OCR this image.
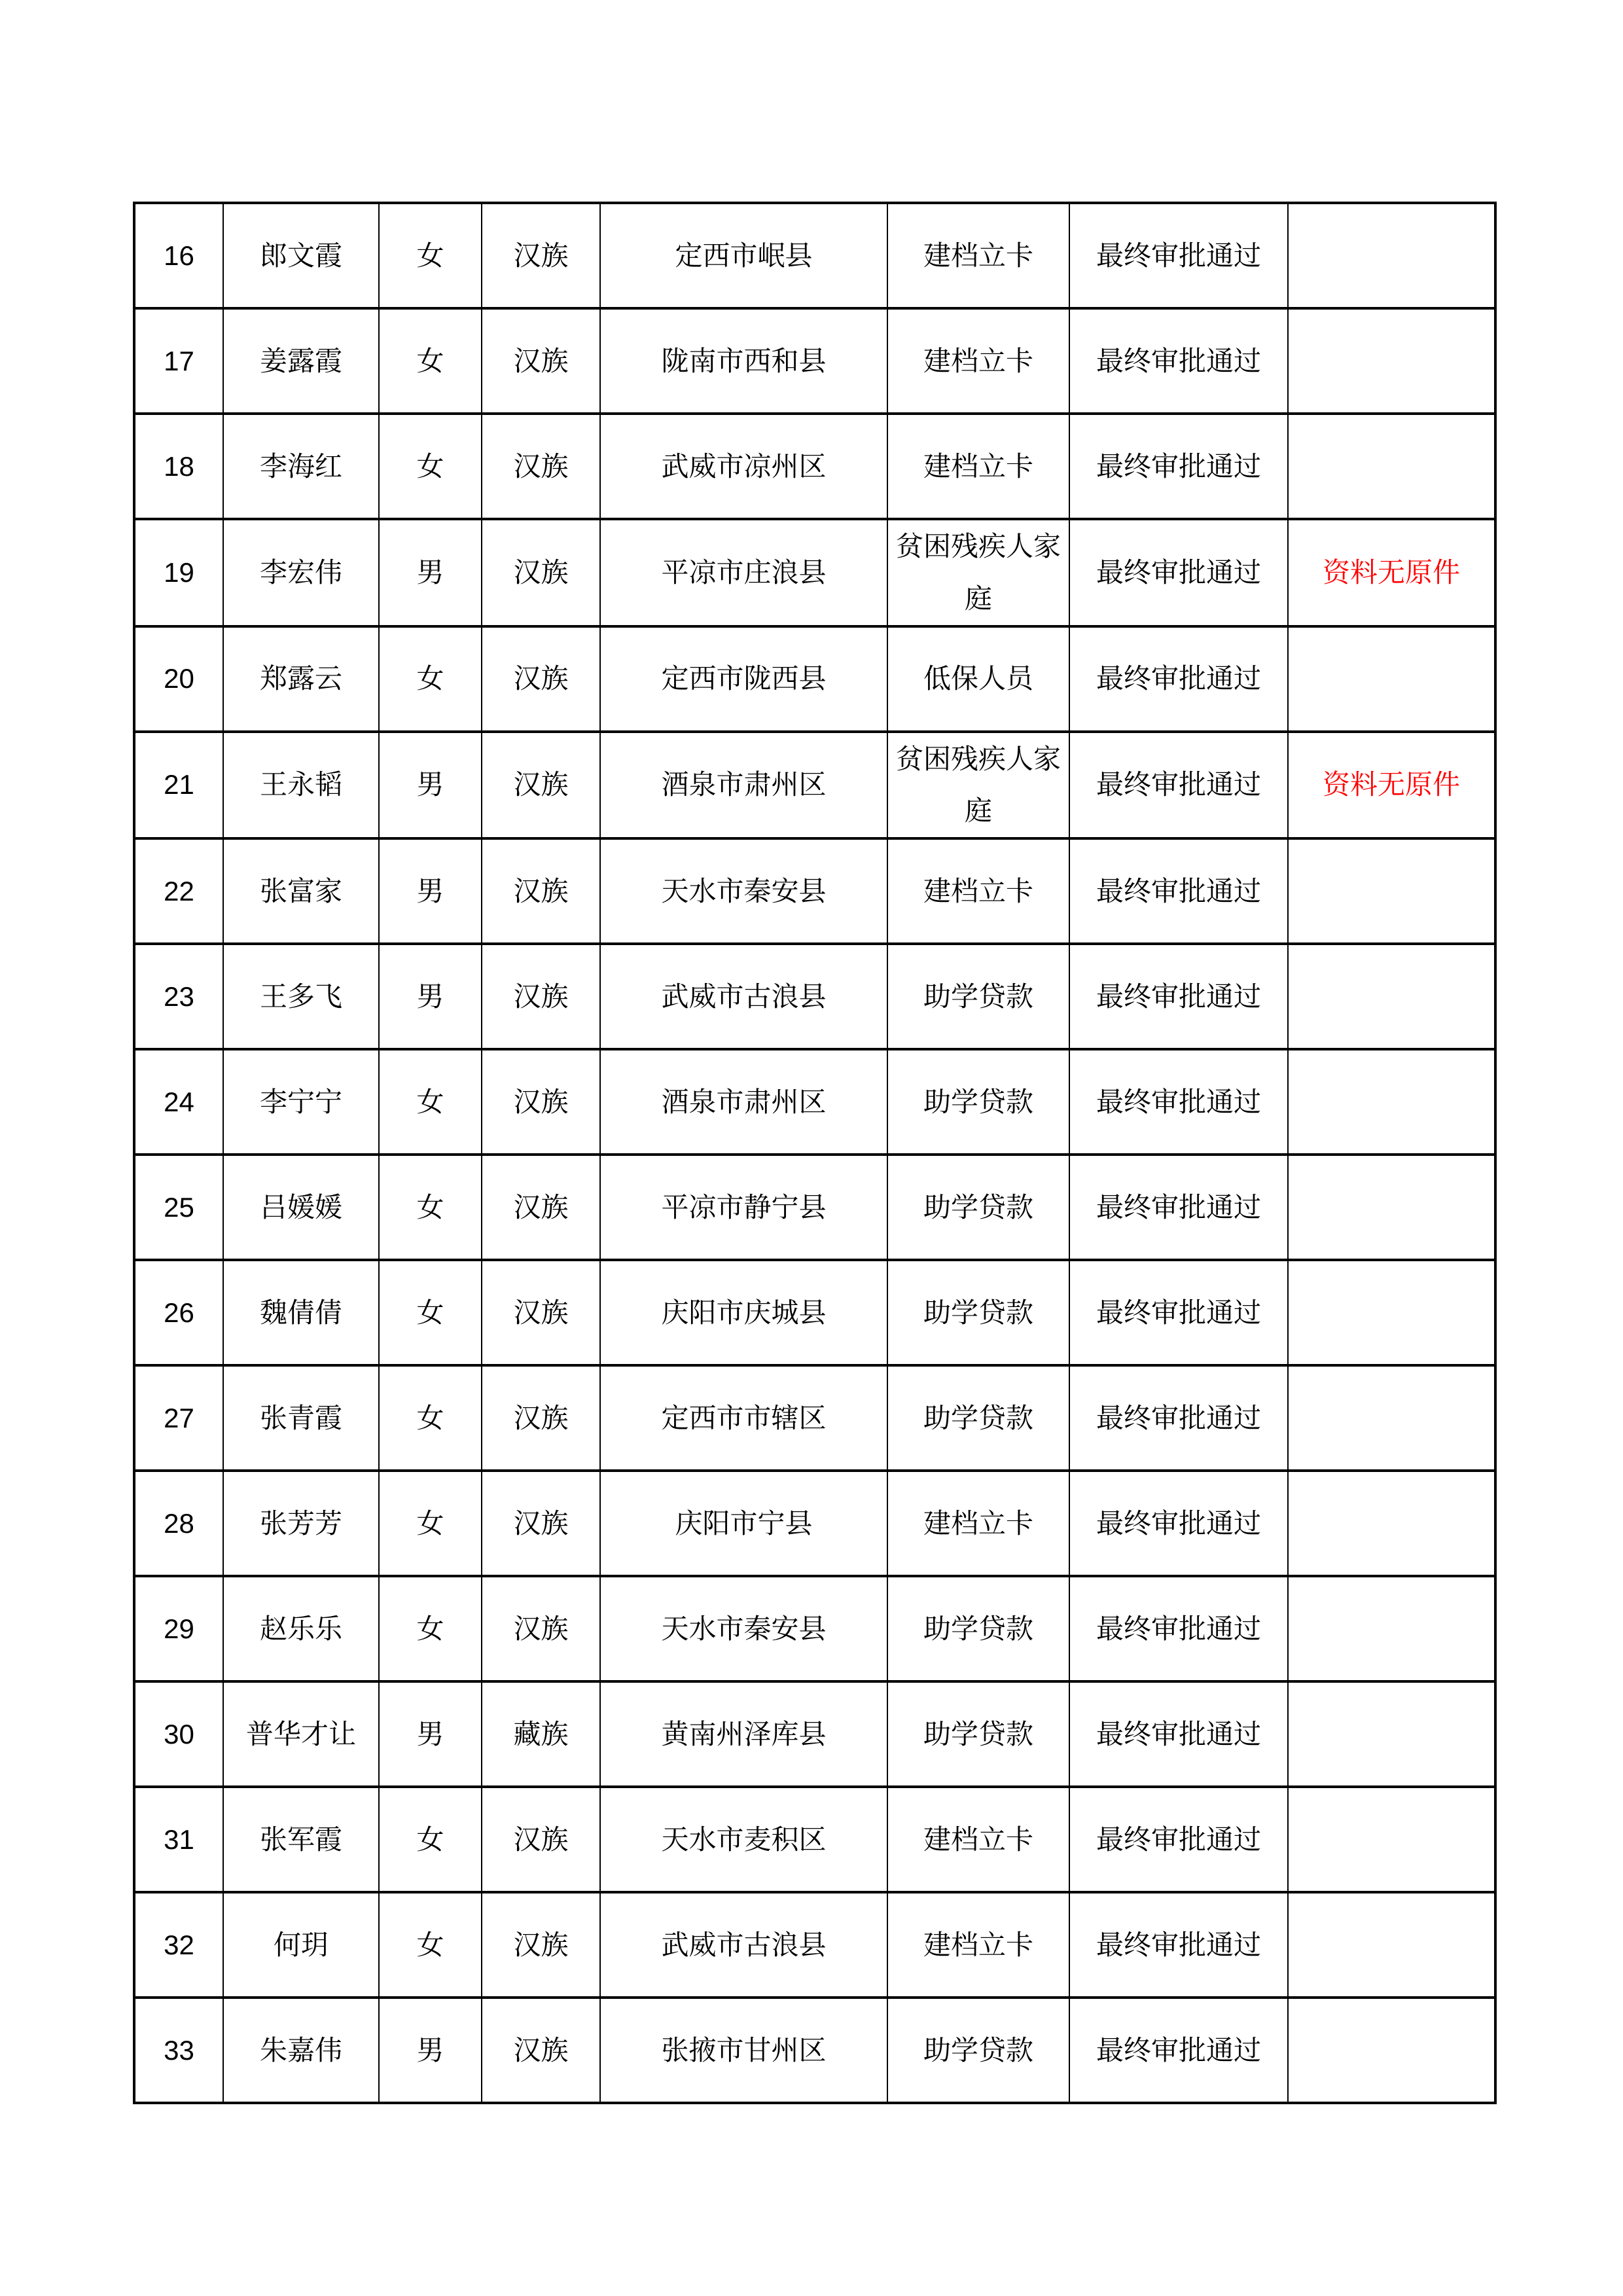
16	郎文霞	女	汉族	定西市岷县	建档立卡	最终审批通过	
17	姜露霞	女	汉族	陇南市西和县	建档立卡	最终审批通过	
18	李海红	女	汉族	武威市凉州区	建档立卡	最终审批通过	
19	李宏伟	男	汉族	平凉市庄浪县	贫困残疾人家庭	最终审批通过	资料无原件
20	郑露云	女	汉族	定西市陇西县	低保人员	最终审批通过	
21	王永韬	男	汉族	酒泉市肃州区	贫困残疾人家庭	最终审批通过	资料无原件
22	张富家	男	汉族	天水市秦安县	建档立卡	最终审批通过	
23	王多飞	男	汉族	武威市古浪县	助学贷款	最终审批通过	
24	李宁宁	女	汉族	酒泉市肃州区	助学贷款	最终审批通过	
25	吕媛媛	女	汉族	平凉市静宁县	助学贷款	最终审批通过	
26	魏倩倩	女	汉族	庆阳市庆城县	助学贷款	最终审批通过	
27	张青霞	女	汉族	定西市市辖区	助学贷款	最终审批通过	
28	张芳芳	女	汉族	庆阳市宁县	建档立卡	最终审批通过	
29	赵乐乐	女	汉族	天水市秦安县	助学贷款	最终审批通过	
30	普华才让	男	藏族	黄南州泽库县	助学贷款	最终审批通过	
31	张军霞	女	汉族	天水市麦积区	建档立卡	最终审批通过	
32	何玥	女	汉族	武威市古浪县	建档立卡	最终审批通过	
33	朱嘉伟	男	汉族	张掖市甘州区	助学贷款	最终审批通过	
